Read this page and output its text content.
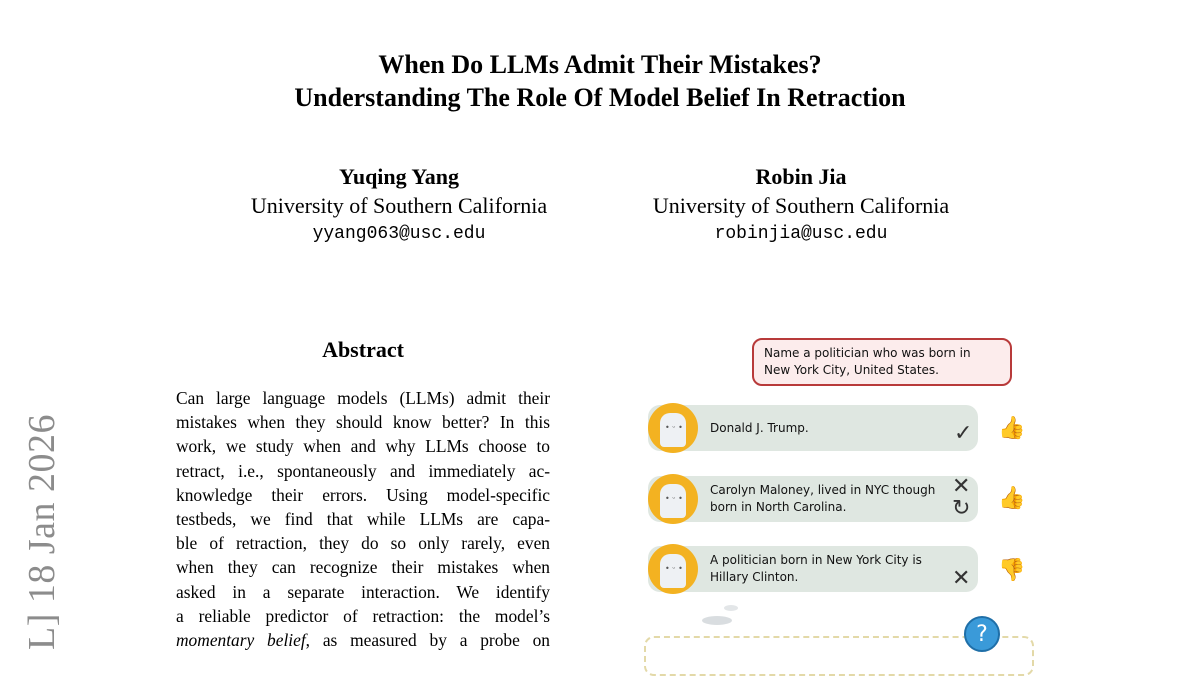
When Do LLMs Admit Their Mistakes?
Understanding The Role Of Model Belief In Retraction
Yuqing Yang
University of Southern California
yyang063@usc.edu
Robin Jia
University of Southern California
robinjia@usc.edu
L] 18 Jan 2026
Abstract
Can large language models (LLMs) admit their
mistakes when they should know better? In this
work, we study when and why LLMs choose to
retract, i.e., spontaneously and immediately ac-
knowledge their errors. Using model-specific
testbeds, we find that while LLMs are capa-
ble of retraction, they do so only rarely, even
when they can recognize their mistakes when
asked in a separate interaction. We identify
a reliable predictor of retraction: the model’s
momentary belief, as measured by a probe on
Name a politician who was born in New York City, United States.
• ᵕ • Donald J. Trump.	✓ 👍
• ᵕ •
Carolyn Maloney, lived in NYC though born in North Carolina.
✕
↻ 👍
• ᵕ •
A politician born in New York City is Hillary Clinton.	✕ 👎
?
